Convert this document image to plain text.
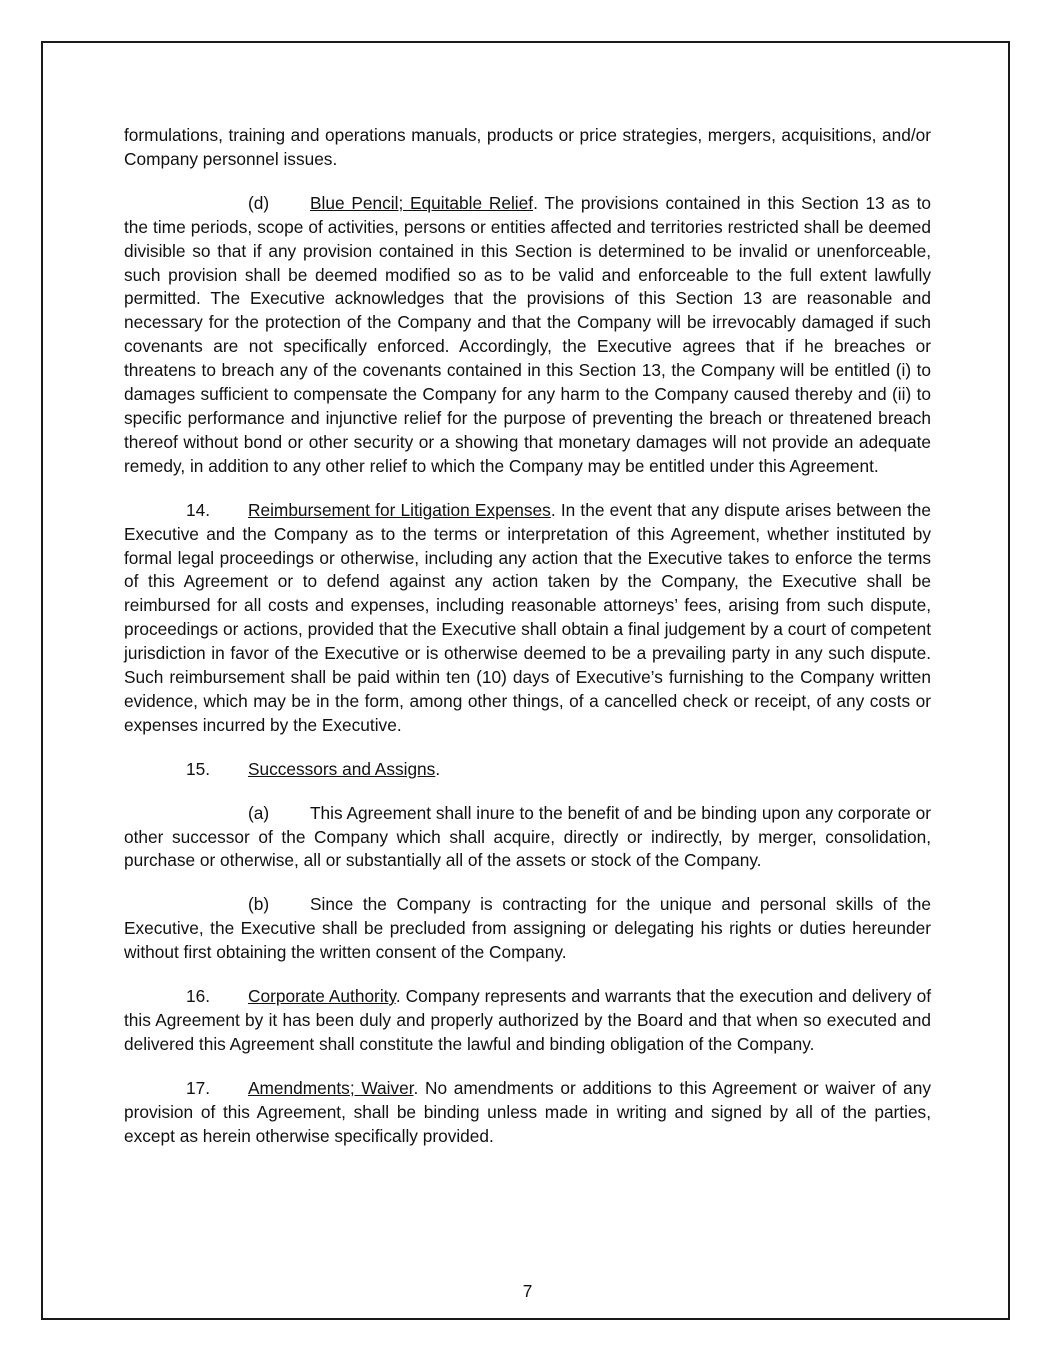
formulations, training and operations manuals, products or price strategies, mergers, acquisitions, and/or Company personnel issues.

(d) Blue Pencil; Equitable Relief. The provisions contained in this Section 13 as to the time periods, scope of activities, persons or entities affected and territories restricted shall be deemed divisible so that if any provision contained in this Section is determined to be invalid or unenforceable, such provision shall be deemed modified so as to be valid and enforceable to the full extent lawfully permitted. The Executive acknowledges that the provisions of this Section 13 are reasonable and necessary for the protection of the Company and that the Company will be irrevocably damaged if such covenants are not specifically enforced. Accordingly, the Executive agrees that if he breaches or threatens to breach any of the covenants contained in this Section 13, the Company will be entitled (i) to damages sufficient to compensate the Company for any harm to the Company caused thereby and (ii) to specific performance and injunctive relief for the purpose of preventing the breach or threatened breach thereof without bond or other security or a showing that monetary damages will not provide an adequate remedy, in addition to any other relief to which the Company may be entitled under this Agreement.

14. Reimbursement for Litigation Expenses. In the event that any dispute arises between the Executive and the Company as to the terms or interpretation of this Agreement, whether instituted by formal legal proceedings or otherwise, including any action that the Executive takes to enforce the terms of this Agreement or to defend against any action taken by the Company, the Executive shall be reimbursed for all costs and expenses, including reasonable attorneys’ fees, arising from such dispute, proceedings or actions, provided that the Executive shall obtain a final judgement by a court of competent jurisdiction in favor of the Executive or is otherwise deemed to be a prevailing party in any such dispute. Such reimbursement shall be paid within ten (10) days of Executive’s furnishing to the Company written evidence, which may be in the form, among other things, of a cancelled check or receipt, of any costs or expenses incurred by the Executive.

15. Successors and Assigns.

(a) This Agreement shall inure to the benefit of and be binding upon any corporate or other successor of the Company which shall acquire, directly or indirectly, by merger, consolidation, purchase or otherwise, all or substantially all of the assets or stock of the Company.

(b) Since the Company is contracting for the unique and personal skills of the Executive, the Executive shall be precluded from assigning or delegating his rights or duties hereunder without first obtaining the written consent of the Company.

16. Corporate Authority. Company represents and warrants that the execution and delivery of this Agreement by it has been duly and properly authorized by the Board and that when so executed and delivered this Agreement shall constitute the lawful and binding obligation of the Company.

17. Amendments; Waiver. No amendments or additions to this Agreement or waiver of any provision of this Agreement, shall be binding unless made in writing and signed by all of the parties, except as herein otherwise specifically provided.

7
